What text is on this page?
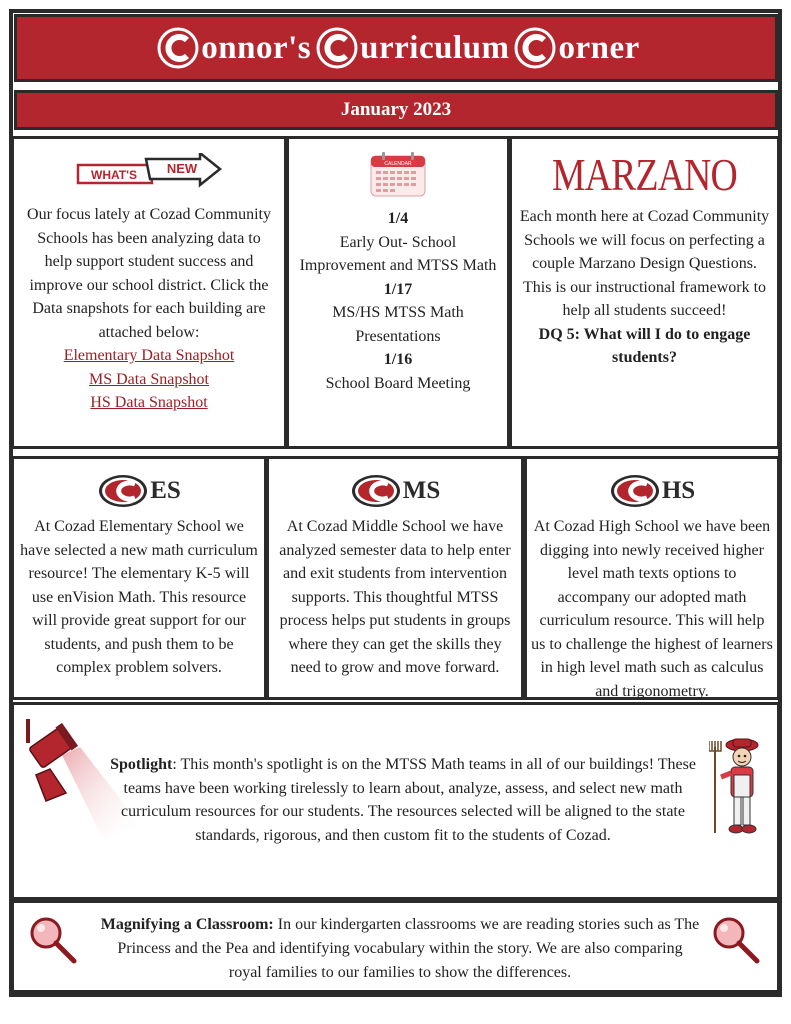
onnor's urriculum orner
January 2023
WHAT'S NEW

Our focus lately at Cozad Community Schools has been analyzing data to help support student success and improve our school district. Click the Data snapshots for each building are attached below:

Elementary Data Snapshot
MS Data Snapshot
HS Data Snapshot
CALENDAR
1/4
Early Out- School Improvement and MTSS Math
1/17
MS/HS MTSS Math Presentations
1/16
School Board Meeting
MARZANO

Each month here at Cozad Community Schools we will focus on perfecting a couple Marzano Design Questions. This is our instructional framework to help all students succeed!

DQ 5: What will I do to engage students?

ES

At Cozad Elementary School we have selected a new math curriculum resource! The elementary K-5 will use enVision Math. This resource will provide great support for our students, and push them to be complex problem solvers.

MS

At Cozad Middle School we have analyzed semester data to help enter and exit students from intervention supports. This thoughtful MTSS process helps put students in groups where they can get the skills they need to grow and move forward.

HS

At Cozad High School we have been digging into newly received higher level math texts options to accompany our adopted math curriculum resource. This will help us to challenge the highest of learners in high level math such as calculus and trigonometry.

Spotlight: This month's spotlight is on the MTSS Math teams in all of our buildings! These teams have been working tirelessly to learn about, analyze, assess, and select new math curriculum resources for our students. The resources selected will be aligned to the state standards, rigorous, and then custom fit to the students of Cozad.
Magnifying a Classroom: In our kindergarten classrooms we are reading stories such as The Princess and the Pea and identifying vocabulary within the story. We are also comparing royal families to our families to show the differences.
